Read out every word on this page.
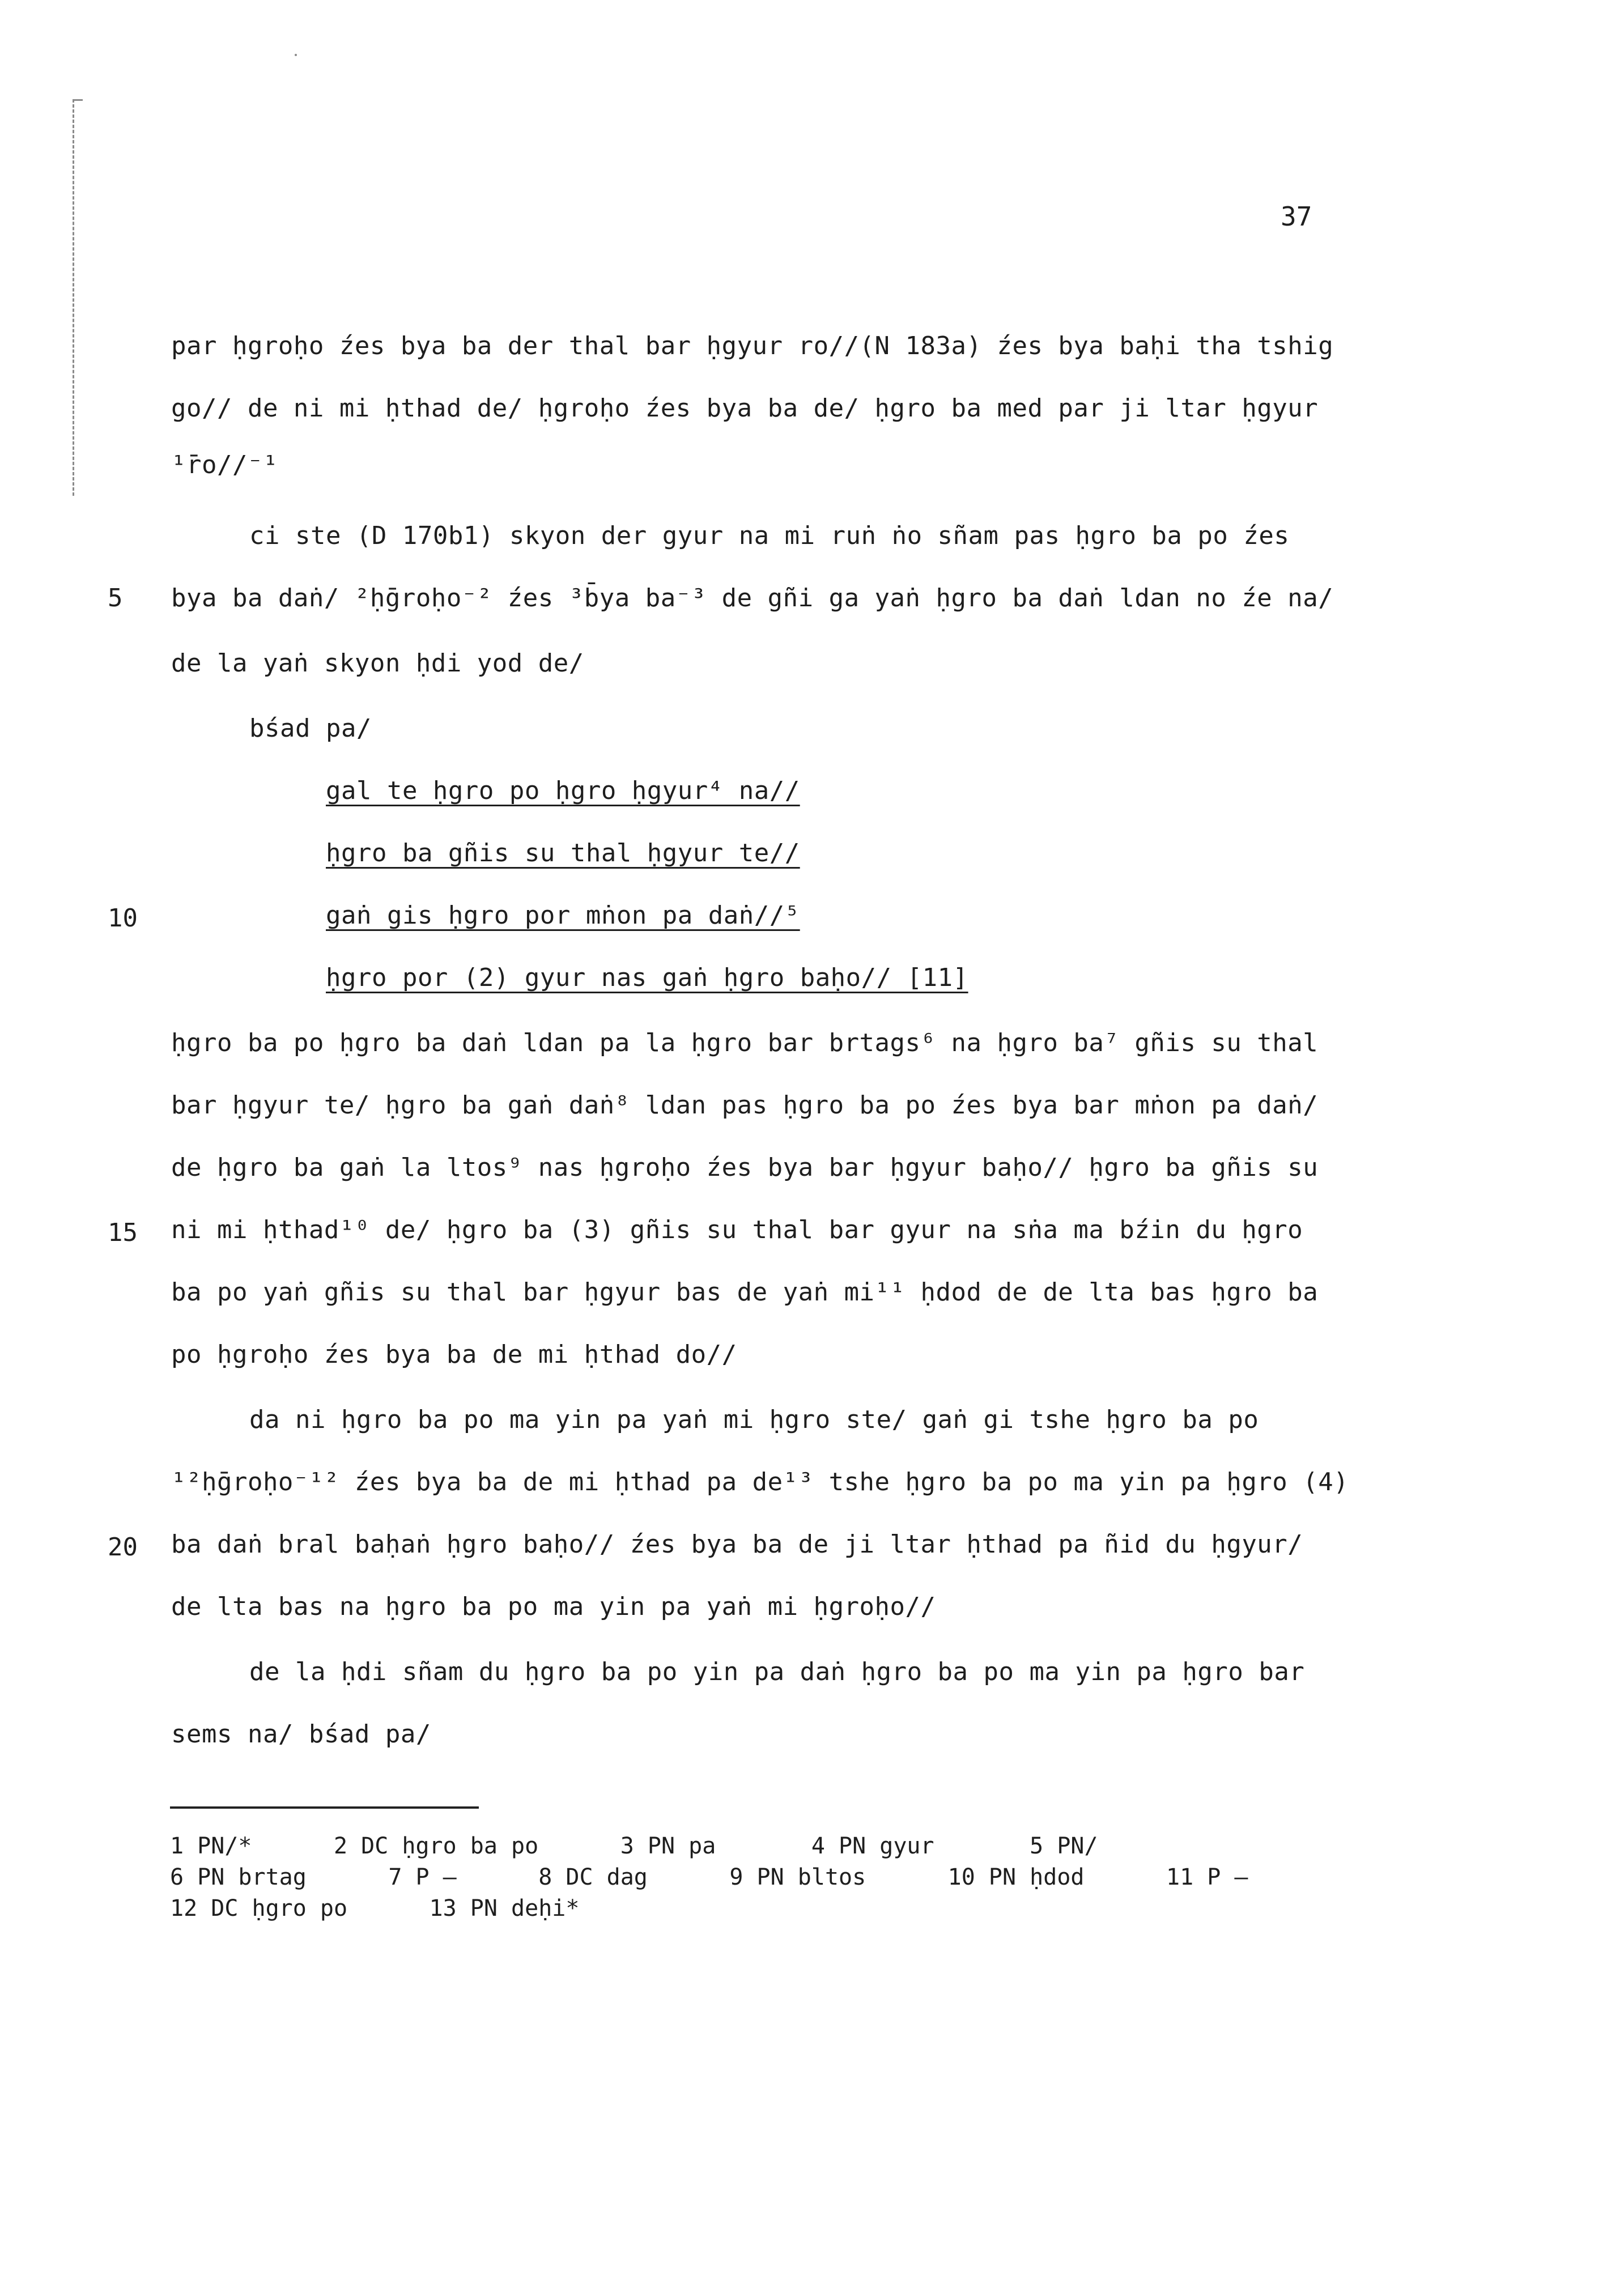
37
par ḥgroḥo źes bya ba der thal bar ḥgyur ro//(N 183a) źes bya baḥi tha tshig
go// de ni mi ḥthad de/ ḥgroḥo źes bya ba de/ ḥgro ba med par ji ltar ḥgyur
¹r̄o//⁻¹
ci ste (D 170b1) skyon der gyur na mi ruṅ ṅo sñam pas ḥgro ba po źes
5 bya ba daṅ/ ²ḥ̄groḥo⁻² źes ³b̄ya ba⁻³ de gñi ga yaṅ ḥgro ba daṅ ldan no źe na/
de la yaṅ skyon ḥdi yod de/
bśad pa/
gal te ḥgro po ḥgro ḥgyur⁴ na//
ḥgro ba gñis su thal ḥgyur te//
10	gaṅ gis ḥgro por mṅon pa daṅ//⁵
ḥgro por (2) gyur nas gaṅ ḥgro baḥo// [11]
ḥgro ba po ḥgro ba daṅ ldan pa la ḥgro bar brtags⁶ na ḥgro ba⁷ gñis su thal
bar ḥgyur te/ ḥgro ba gaṅ daṅ⁸ ldan pas ḥgro ba po źes bya bar mṅon pa daṅ/
de ḥgro ba gaṅ la ltos⁹ nas ḥgroḥo źes bya bar ḥgyur baḥo// ḥgro ba gñis su
15 ni mi ḥthad¹⁰ de/ ḥgro ba (3) gñis su thal bar gyur na sṅa ma bźin du ḥgro
ba po yaṅ gñis su thal bar ḥgyur bas de yaṅ mi¹¹ ḥdod de de lta bas ḥgro ba
po ḥgroḥo źes bya ba de mi ḥthad do//
da ni ḥgro ba po ma yin pa yaṅ mi ḥgro ste/ gaṅ gi tshe ḥgro ba po
¹²ḥ̄groḥo⁻¹² źes bya ba de mi ḥthad pa de¹³ tshe ḥgro ba po ma yin pa ḥgro (4)
20 ba daṅ bral baḥaṅ ḥgro baḥo// źes bya ba de ji ltar ḥthad pa ñid du ḥgyur/
de lta bas na ḥgro ba po ma yin pa yaṅ mi ḥgroḥo//
de la ḥdi sñam du ḥgro ba po yin pa daṅ ḥgro ba po ma yin pa ḥgro bar
sems na/ bśad pa/
1 PN/*      2 DC ḥgro ba po      3 PN pa       4 PN gyur       5 PN/
6 PN brtag      7 P —      8 DC dag      9 PN bltos      10 PN ḥdod      11 P —
12 DC ḥgro po      13 PN deḥi*
